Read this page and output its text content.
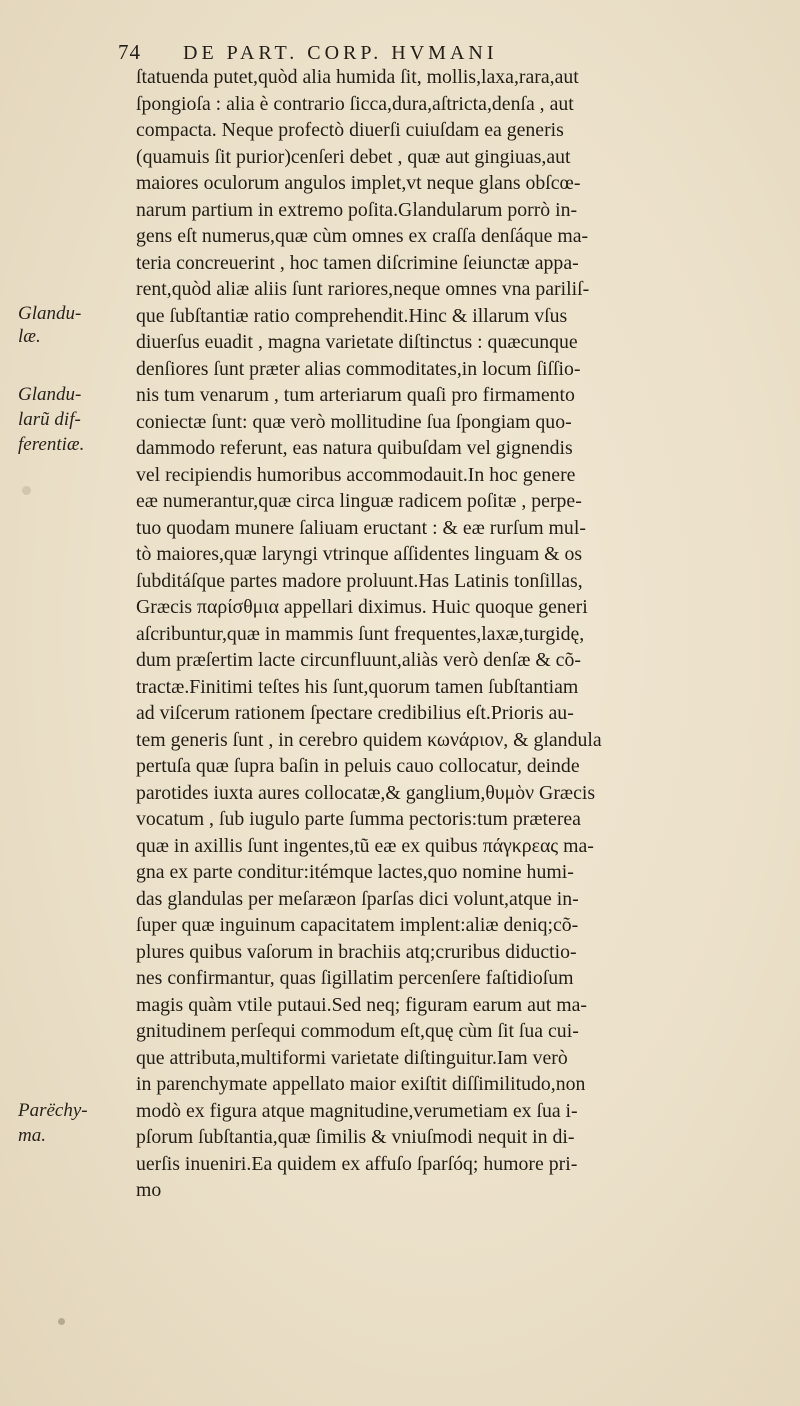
74 DE PART. CORP. HVMANI
Glandu-
læ.
Glandu-
larũ dif-
ferentiæ.
Parëchy-
ma.
ſtatuenda putet,quòd alia humida ſit, mollis,laxa,rara,aut
ſpongioſa : alia è contrario ſicca,dura,aſtricta,denſa , aut
compacta. Neque profectò diuerſi cuiuſdam ea generis
(quamuis ſit purior)cenſeri debet , quæ aut gingiuas,aut
maiores oculorum angulos implet,vt neque glans obſcœ-
narum partium in extremo poſita.Glandularum porrò in-
gens eſt numerus,quæ cùm omnes ex craſſa denſáque ma-
teria concreuerint , hoc tamen diſcrimine ſeiunctæ appa-
rent,quòd aliæ aliis ſunt rariores,neque omnes vna pariliſ-
que ſubſtantiæ ratio comprehendit.Hinc & illarum vſus
diuerſus euadit , magna varietate diſtinctus : quæcunque
denſiores ſunt præter alias commoditates,in locum ſiſſio-
nis tum venarum , tum arteriarum quaſi pro firmamento
coniectæ ſunt: quæ verò mollitudine ſua ſpongiam quo-
dammodo referunt, eas natura quibuſdam vel gignendis
vel recipiendis humoribus accommodauit.In hoc genere
eæ numerantur,quæ circa linguæ radicem poſitæ , perpe-
tuo quodam munere ſaliuam eructant : & eæ rurſum mul-
tò maiores,quæ laryngi vtrinque aſſidentes linguam & os
ſubditáſque partes madore proluunt.Has Latinis tonſillas,
Græcis παρίσθμια appellari diximus. Huic quoque generi
aſcribuntur,quæ in mammis ſunt frequentes,laxæ,turgidę,
dum præſertim lacte circunfluunt,aliàs verò denſæ & cõ-
tractæ.Finitimi teſtes his ſunt,quorum tamen ſubſtantiam
ad viſcerum rationem ſpectare credibilius eſt.Prioris au-
tem generis ſunt , in cerebro quidem κωνάριον, & glandula
pertuſa quæ ſupra baſin in peluis cauo collocatur, deinde
parotides iuxta aures collocatæ,& ganglium,θυμὸν Græcis
vocatum , ſub iugulo parte ſumma pectoris:tum præterea
quæ in axillis ſunt ingentes,tũ eæ ex quibus πάγκρεας ma-
gna ex parte conditur:itémque lactes,quo nomine humi-
das glandulas per meſaræon ſparſas dici volunt,atque in-
ſuper quæ inguinum capacitatem implent:aliæ deniq;cõ-
plures quibus vaſorum in brachiis atq;cruribus diductio-
nes confirmantur, quas ſigillatim percenſere faſtidioſum
magis quàm vtile putaui.Sed neq; figuram earum aut ma-
gnitudinem perſequi commodum eſt,quę cùm ſit ſua cui-
que attributa,multiformi varietate diſtinguitur.Iam verò
in parenchymate appellato maior exiſtit diſſimilitudo,non
modò ex figura atque magnitudine,verumetiam ex ſua i-
pſorum ſubſtantia,quæ ſimilis & vniuſmodi nequit in di-
uerſis inueniri.Ea quidem ex affuſo ſparſóq; humore pri-
mo
